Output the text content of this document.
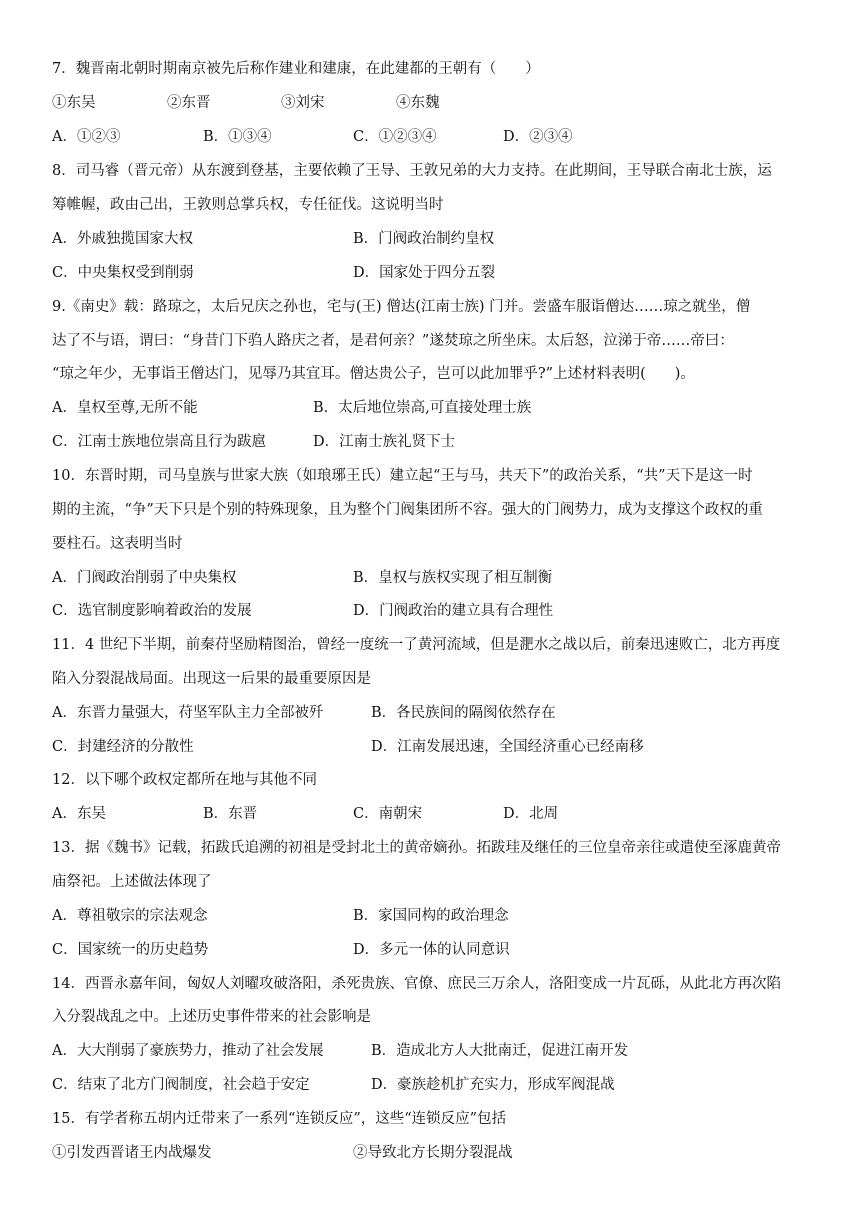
7．魏晋南北朝时期南京被先后称作建业和建康，在此建都的王朝有（　　）
①东吴	②东晋	③刘宋	④东魏
A．①②③	B．①③④	C．①②③④	D．②③④
8．司马睿（晋元帝）从东渡到登基，主要依赖了王导、王敦兄弟的大力支持。在此期间，王导联合南北士族，运
筹帷幄，政由己出，王敦则总掌兵权，专任征伐。这说明当时
A．外戚独揽国家大权	B．门阀政治制约皇权
C．中央集权受到削弱	D．国家处于四分五裂
9.《南史》载：路琼之，太后兄庆之孙也，宅与(王) 僧达(江南士族) 门并。尝盛车服诣僧达‥‥‥琼之就坐，僧
达了不与语，谓曰：“身昔门下驺人路庆之者，是君何亲？”遂焚琼之所坐床。太后怒，泣涕于帝‥‥‥帝曰：
“琼之年少，无事诣王僧达门，见辱乃其宜耳。僧达贵公子，岂可以此加罪乎?”上述材料表明(　　)。
A．皇权至尊,无所不能	B．太后地位崇高,可直接处理士族
C．江南士族地位崇高且行为跋扈	D．江南士族礼贤下士
10．东晋时期，司马皇族与世家大族（如琅琊王氏）建立起“王与马，共天下”的政治关系，“共”天下是这一时
期的主流，“争”天下只是个别的特殊现象，且为整个门阀集团所不容。强大的门阀势力，成为支撑这个政权的重
要柱石。这表明当时
A．门阀政治削弱了中央集权	B．皇权与族权实现了相互制衡
C．选官制度影响着政治的发展	D．门阀政治的建立具有合理性
11．4 世纪下半期，前秦苻坚励精图治，曾经一度统一了黄河流域，但是淝水之战以后，前秦迅速败亡，北方再度
陷入分裂混战局面。出现这一后果的最重要原因是
A．东晋力量强大，苻坚军队主力全部被歼	B．各民族间的隔阂依然存在
C．封建经济的分散性	D．江南发展迅速，全国经济重心已经南移
12．以下哪个政权定都所在地与其他不同
A．东吴	B．东晋	C．南朝宋	D．北周
13．据《魏书》记载，拓跋氏追溯的初祖是受封北土的黄帝嫡孙。拓跋珪及继任的三位皇帝亲往或遣使至涿鹿黄帝
庙祭祀。上述做法体现了
A．尊祖敬宗的宗法观念	B．家国同构的政治理念
C．国家统一的历史趋势	D．多元一体的认同意识
14．西晋永嘉年间，匈奴人刘曜攻破洛阳，杀死贵族、官僚、庶民三万余人，洛阳变成一片瓦砾，从此北方再次陷
入分裂战乱之中。上述历史事件带来的社会影响是
A．大大削弱了豪族势力，推动了社会发展	B．造成北方人大批南迁，促进江南开发
C．结束了北方门阀制度，社会趋于安定	D．豪族趁机扩充实力，形成军阀混战
15．有学者称五胡内迁带来了一系列“连锁反应”，这些“连锁反应”包括
①引发西晋诸王内战爆发	②导致北方长期分裂混战
